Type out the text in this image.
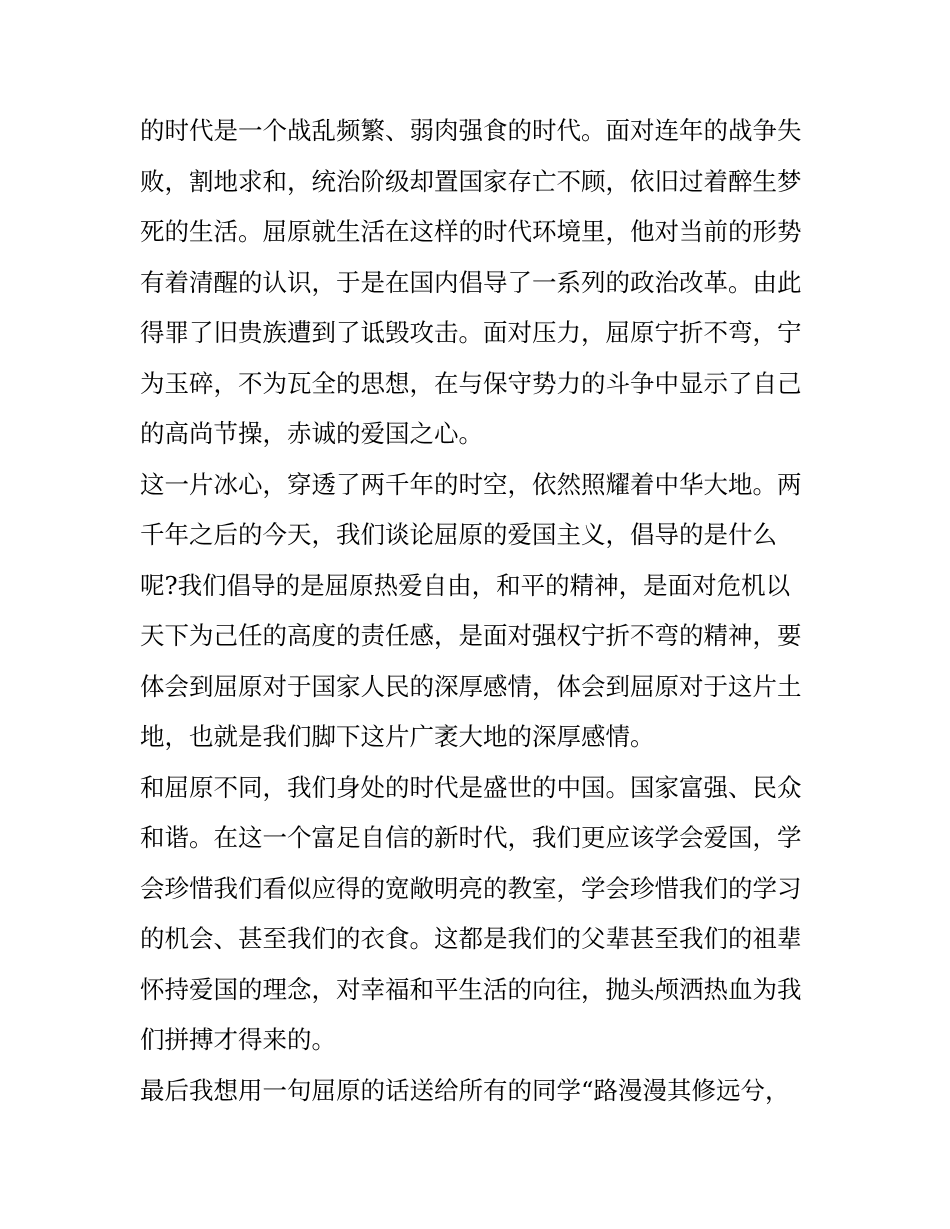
的时代是一个战乱频繁、弱肉强食的时代。面对连年的战争失
败，割地求和，统治阶级却置国家存亡不顾，依旧过着醉生梦
死的生活。屈原就生活在这样的时代环境里，他对当前的形势
有着清醒的认识，于是在国内倡导了一系列的政治改革。由此
得罪了旧贵族遭到了诋毁攻击。面对压力，屈原宁折不弯，宁
为玉碎，不为瓦全的思想，在与保守势力的斗争中显示了自己
的高尚节操，赤诚的爱国之心。
这一片冰心，穿透了两千年的时空，依然照耀着中华大地。两
千年之后的今天，我们谈论屈原的爱国主义，倡导的是什么
呢?我们倡导的是屈原热爱自由，和平的精神，是面对危机以
天下为己任的高度的责任感，是面对强权宁折不弯的精神，要
体会到屈原对于国家人民的深厚感情，体会到屈原对于这片土
地，也就是我们脚下这片广袤大地的深厚感情。
和屈原不同，我们身处的时代是盛世的中国。国家富强、民众
和谐。在这一个富足自信的新时代，我们更应该学会爱国，学
会珍惜我们看似应得的宽敞明亮的教室，学会珍惜我们的学习
的机会、甚至我们的衣食。这都是我们的父辈甚至我们的祖辈
怀持爱国的理念，对幸福和平生活的向往，抛头颅洒热血为我
们拼搏才得来的。
最后我想用一句屈原的话送给所有的同学“路漫漫其修远兮，
